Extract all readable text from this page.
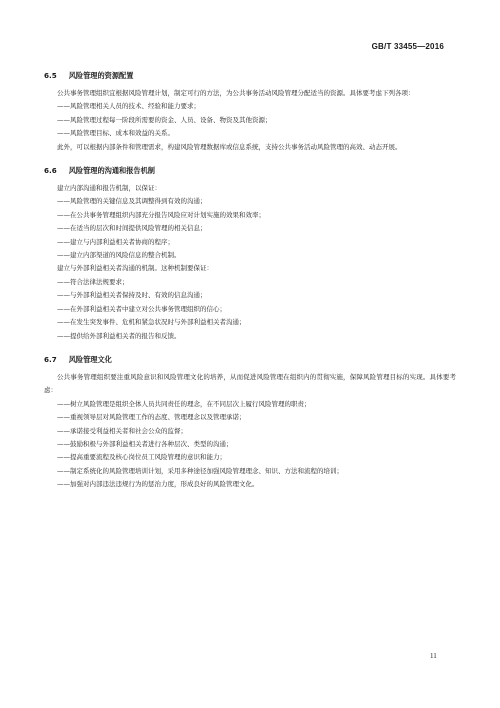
GB/T 33455—2016
6.5 风险管理的资源配置

公共事务管理组织宜根据风险管理计划，制定可行的方法，为公共事务活动风险管理分配适当的资源。具体要考虑下列各项：

——风险管理相关人员的技术、经验和能力要求；

——风险管理过程每一阶段所需要的资金、人员、设备、物资及其他资源；

——风险管理目标、成本和效益的关系。

此外，可以根据内部条件和管理需求，构建风险管理数据库或信息系统，支持公共事务活动风险管理的高效、动态开展。

6.6 风险管理的沟通和报告机制

建立内部沟通和报告机制，以保证：

——风险管理的关键信息及其调整得到有效的沟通；

——在公共事务管理组织内部充分报告风险应对计划实施的效果和效率；

——在适当的层次和时间提供风险管理的相关信息；

——建立与内部利益相关者协商的程序；

——建立内部渠道的风险信息的整合机制。

建立与外部利益相关者沟通的机制。这种机制要保证：

——符合法律法规要求；

——与外部利益相关者保持及时、有效的信息沟通；

——在外部利益相关者中建立对公共事务管理组织的信心；

——在发生突发事件、危机和紧急状况时与外部利益相关者沟通；

——提供给外部利益相关者的报告和反馈。

6.7 风险管理文化

公共事务管理组织要注重风险意识和风险管理文化的培养，从而促进风险管理在组织内的贯彻实施，保障风险管理目标的实现。具体要考虑：

——树立风险管理是组织全体人员共同责任的理念，在不同层次上履行风险管理的职责；

——重视领导层对风险管理工作的态度、管理理念以及管理承诺；

——承诺接受利益相关者和社会公众的监督；

——鼓励积极与外部利益相关者进行各种层次、类型的沟通；

——提高重要流程及核心岗位员工风险管理的意识和能力；

——制定系统化的风险管理培训计划，采用多种途径加强风险管理理念、知识、方法和流程的培训；

——加强对内部违法违规行为的惩治力度，形成良好的风险管理文化。

11
